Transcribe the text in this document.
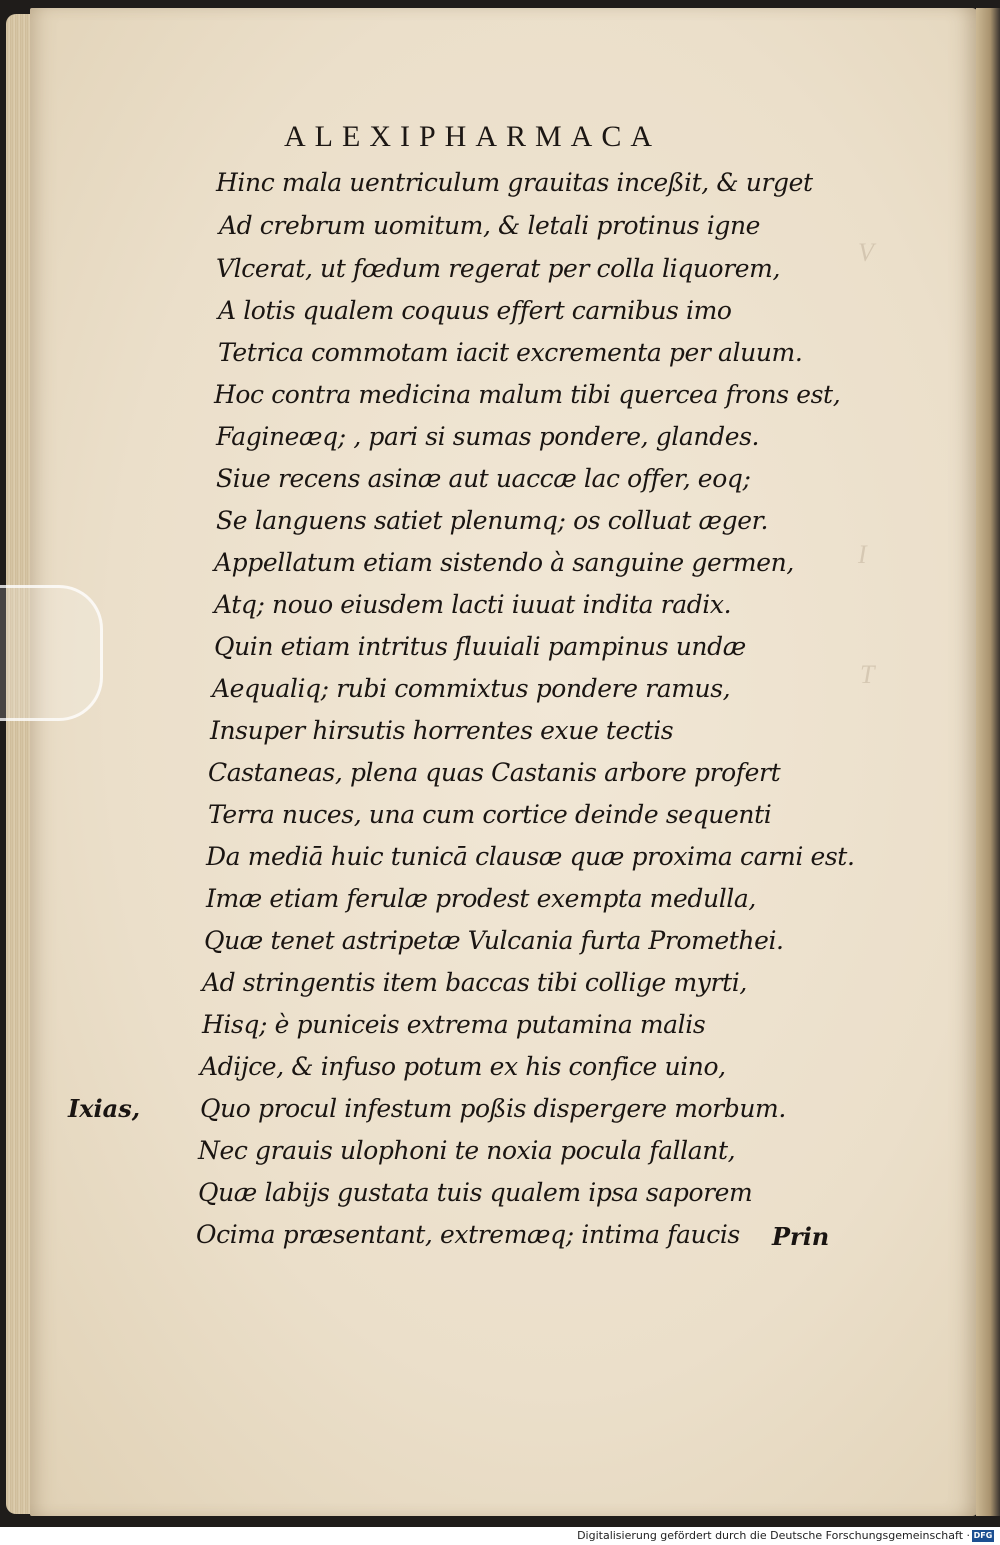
V
I
T
ALEXIPHARMACA
Hinc mala uentriculum grauitas inceßit, & urget
Ad crebrum uomitum, & letali protinus igne
Vlcerat, ut fœdum regerat per colla liquorem,
A lotis qualem coquus effert carnibus imo
Tetrica commotam iacit excrementa per aluum.
Hoc contra medicina malum tibi quercea frons est,
Fagineæq; , pari si sumas pondere, glandes.
Siue recens asinæ aut uaccæ lac offer, eoq;
Se languens satiet plenumq; os colluat æger.
Appellatum etiam sistendo à sanguine germen,
Atq; nouo eiusdem lacti iuuat indita radix.
Quin etiam intritus fluuiali pampinus undæ
Aequaliq; rubi commixtus pondere ramus,
Insuper hirsutis horrentes exue tectis
Castaneas, plena quas Castanis arbore profert
Terra nuces, una cum cortice deinde sequenti
Da mediā huic tunicā clausæ quæ proxima carni est.
Imæ etiam ferulæ prodest exempta medulla,
Quæ tenet astripetæ Vulcania furta Promethei.
Ad stringentis item baccas tibi collige myrti,
Hisq; è puniceis extrema putamina malis
Adijce, & infuso potum ex his confice uino,
Quo procul infestum poßis dispergere morbum.
Nec grauis ulophoni te noxia pocula fallant,
Quæ labijs gustata tuis qualem ipsa saporem
Ocima præsentant, extremæq; intima faucis
Ixias,
Prin
Digitalisierung gefördert durch die Deutsche Forschungsgemeinschaft · DFG
